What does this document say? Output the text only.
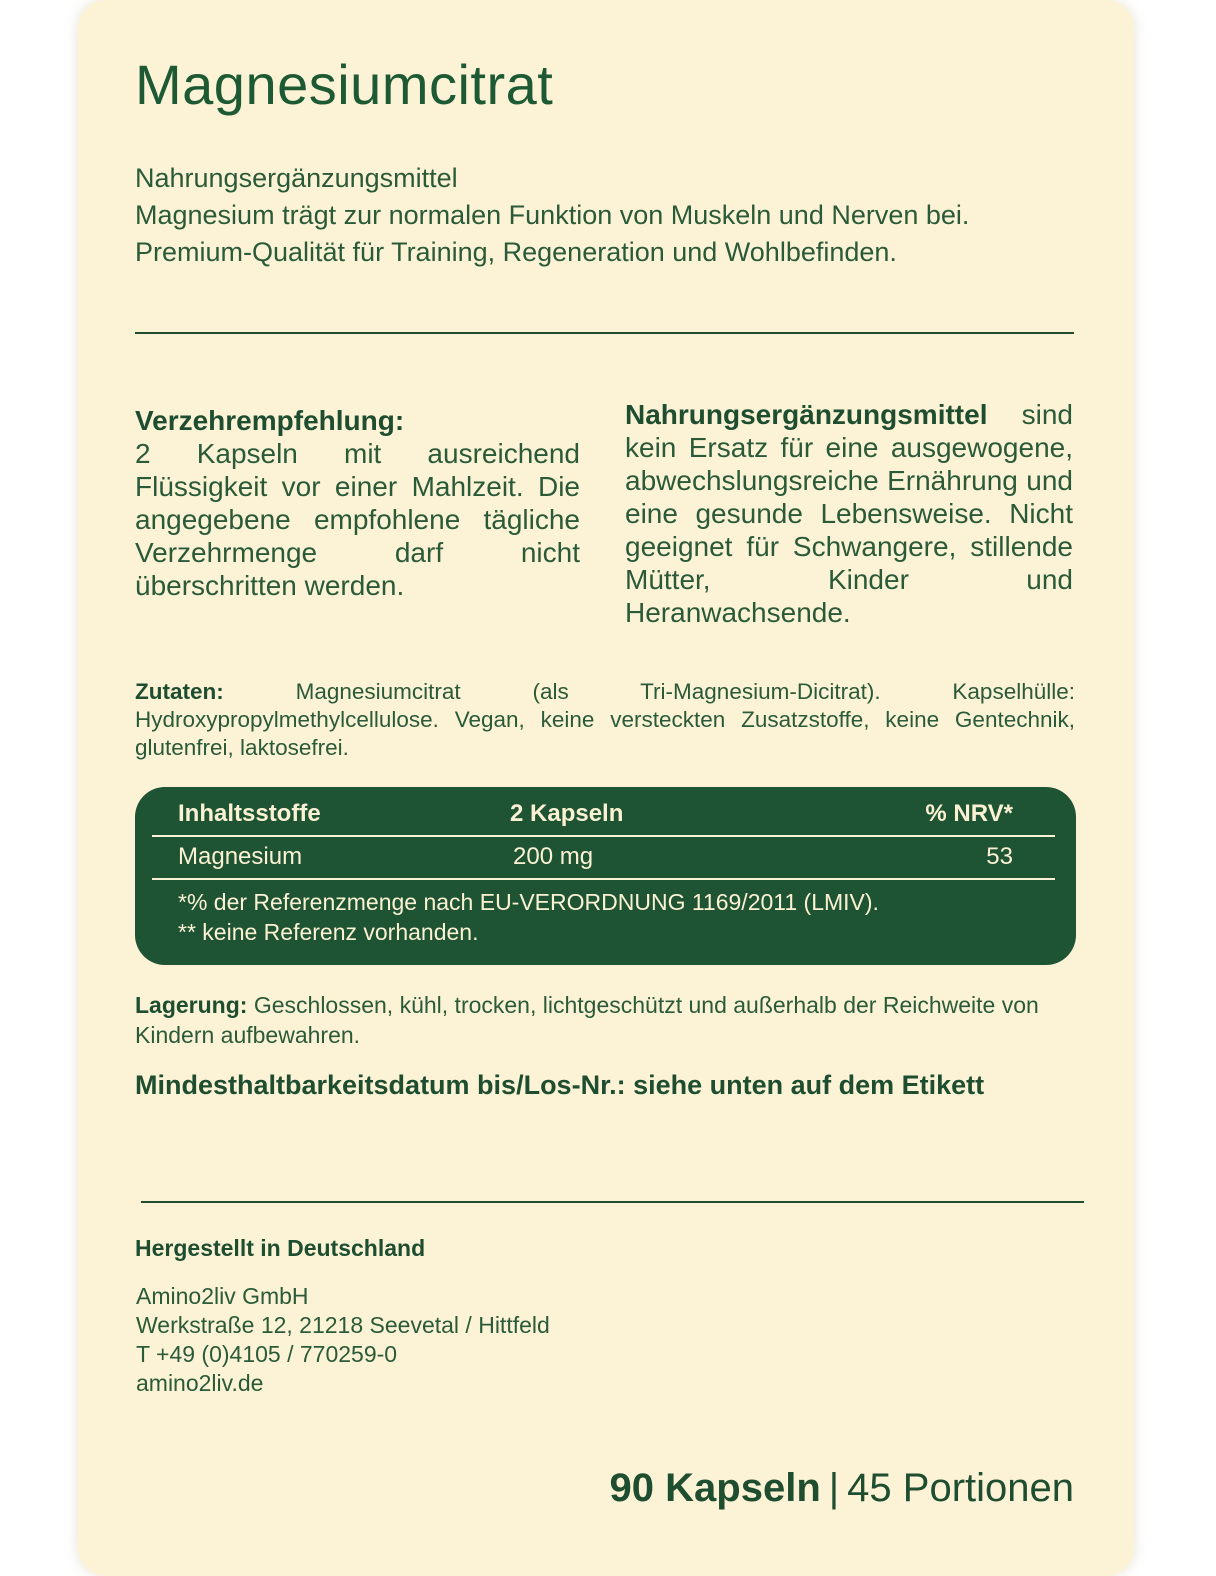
Magnesiumcitrat
Nahrungsergänzungsmittel
Magnesium trägt zur normalen Funktion von Muskeln und Nerven bei.
Premium-Qualität für Training, Regeneration und Wohlbefinden.
Verzehrempfehlung:
2 Kapseln mit ausreichend Flüssigkeit vor einer Mahlzeit. Die angegebene empfohlene tägliche Verzehrmenge darf nicht überschritten werden.
Nahrungsergänzungsmittel sind kein Ersatz für eine ausgewogene, abwechslungsreiche Ernährung und eine gesunde Lebensweise. Nicht geeignet für Schwangere, stillende Mütter, Kinder und Heranwachsende.
Zutaten: Magnesiumcitrat (als Tri-Magnesium-Dicitrat). Kapselhülle: Hydroxypropylmethylcellulose. Vegan, keine versteckten Zusatzstoffe, keine Gentechnik, glutenfrei, laktosefrei.
Inhaltsstoffe	2 Kapseln	% NRV*
Magnesium	200 mg	53
*% der Referenzmenge nach EU-VERORDNUNG 1169/2011 (LMIV).
** keine Referenz vorhanden.
Lagerung: Geschlossen, kühl, trocken, lichtgeschützt und außerhalb der Reichweite von Kindern aufbewahren.
Mindesthaltbarkeitsdatum bis/Los-Nr.: siehe unten auf dem Etikett
Hergestellt in Deutschland
Amino2liv GmbH
Werkstraße 12, 21218 Seevetal / Hittfeld
T +49 (0)4105 / 770259-0
amino2liv.de
90 Kapseln | 45 Portionen
